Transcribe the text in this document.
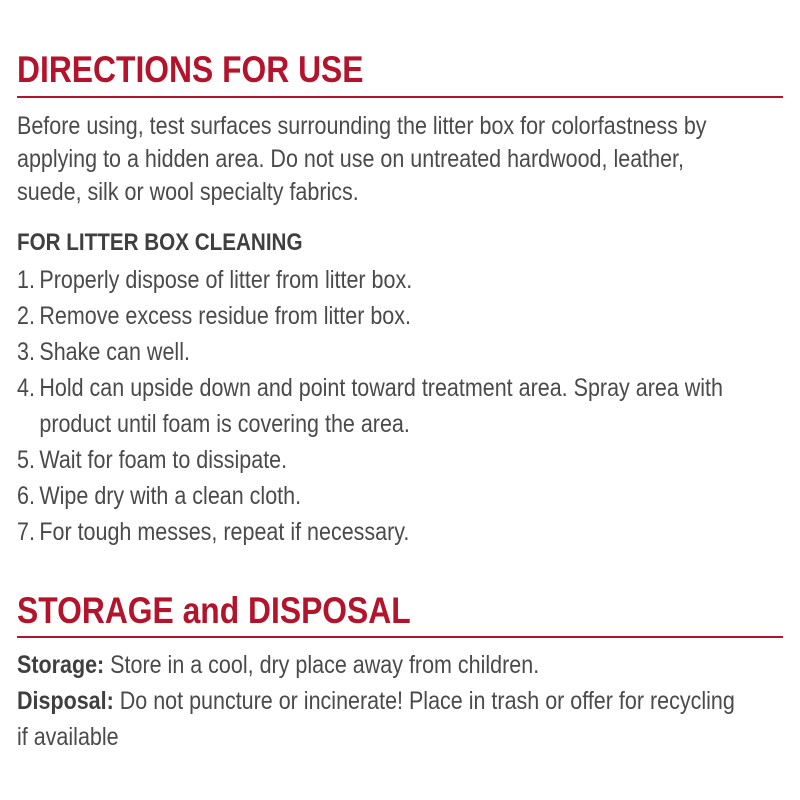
DIRECTIONS FOR USE

Before using, test surfaces surrounding the litter box for colorfastness by
applying to a hidden area. Do not use on untreated hardwood, leather,
suede, silk or wool specialty fabrics.

FOR LITTER BOX CLEANING
1. Properly dispose of litter from litter box.
2. Remove excess residue from litter box.
3. Shake can well.
4. Hold can upside down and point toward treatment area. Spray area with
product until foam is covering the area.
5. Wait for foam to dissipate.
6. Wipe dry with a clean cloth.
7. For tough messes, repeat if necessary.
STORAGE and DISPOSAL
Storage: Store in a cool, dry place away from children.
Disposal: Do not puncture or incinerate! Place in trash or offer for recycling
if available
